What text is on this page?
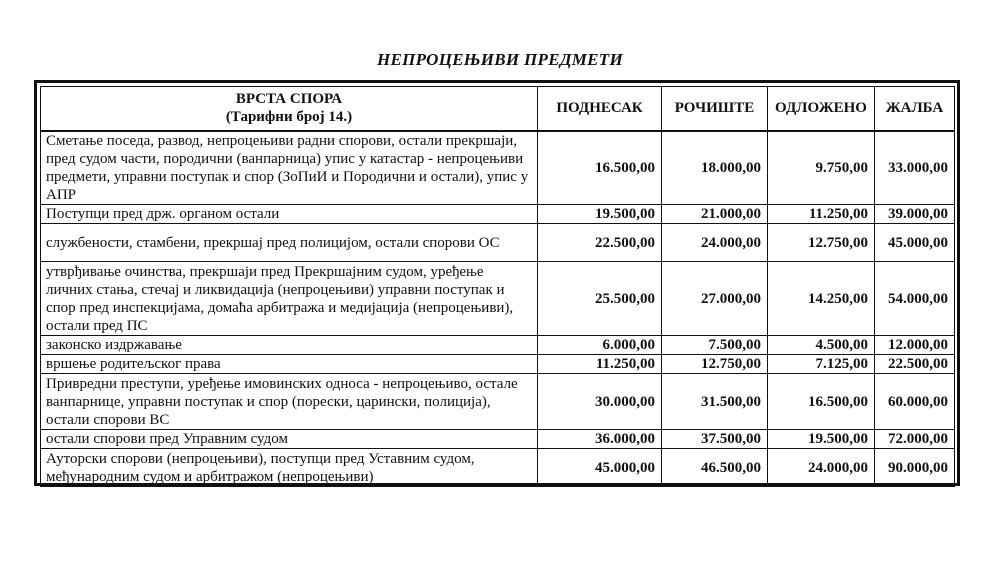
НЕПРОЦЕЊИВИ ПРЕДМЕТИ
ВРСТА СПОРА
(Тарифни број 14.)	ПОДНЕСАК	РОЧИШТЕ	ОДЛОЖЕНО	ЖАЛБА
Сметање поседа, развод, непроцењиви радни спорови, остали прекршаји, пред судом части, породични (ванпарница) упис у катастар - непроцењиви предмети, управни поступак и спор (ЗоПиИ и Породични и остали), упис у АПР	16.500,00	18.000,00	9.750,00	33.000,00
Поступци пред држ. органом остали	19.500,00	21.000,00	11.250,00	39.000,00
службености, стамбени, прекршај пред полицијом, остали спорови ОС	22.500,00	24.000,00	12.750,00	45.000,00
утврђивање очинства, прекршаји пред Прекршајним судом, уређење личних стања, стечај и ликвидација (непроцењиви) управни поступак и спор пред инспекцијама, домаћа арбитража и медијација (непроцењиви), остали пред ПС	25.500,00	27.000,00	14.250,00	54.000,00
законско издржавање	6.000,00	7.500,00	4.500,00	12.000,00
вршење родитељског права	11.250,00	12.750,00	7.125,00	22.500,00
Привредни преступи, уређење имовинских односа - непроцењиво, остале ванпарнице, управни поступак и спор (порески, царински, полиција), остали спорови ВС	30.000,00	31.500,00	16.500,00	60.000,00
остали спорови пред Управним судом	36.000,00	37.500,00	19.500,00	72.000,00
Ауторски спорови (непроцењиви), поступци пред Уставним судом, међународним судом и арбитражом (непроцењиви)	45.000,00	46.500,00	24.000,00	90.000,00
